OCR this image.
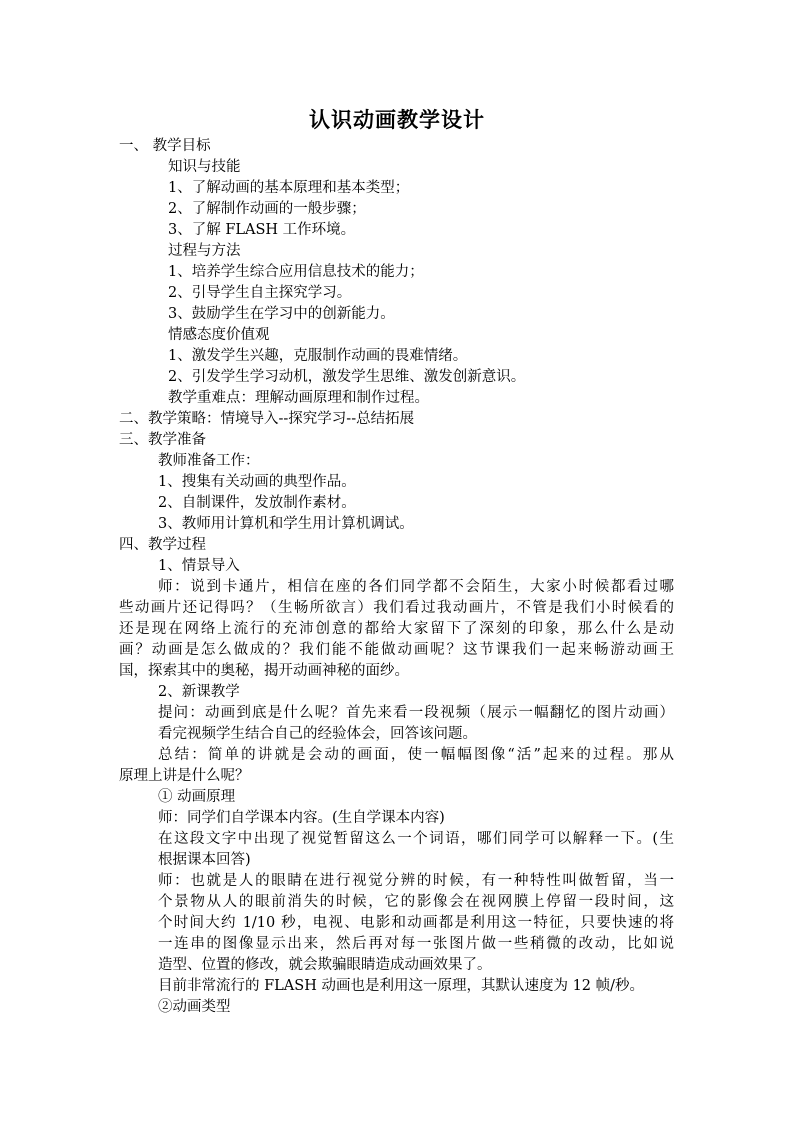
认识动画教学设计
一、 教学目标
知识与技能
1、了解动画的基本原理和基本类型；
2、了解制作动画的一般步骤；
3、了解 FLASH 工作环境。
过程与方法
1、培养学生综合应用信息技术的能力；
2、引导学生自主探究学习。
3、鼓励学生在学习中的创新能力。
情感态度价值观
1、激发学生兴趣，克服制作动画的畏难情绪。
2、引发学生学习动机，激发学生思维、激发创新意识。
教学重难点：理解动画原理和制作过程。
二、教学策略：情境导入--探究学习--总结拓展
三、教学准备
教师准备工作：
1、搜集有关动画的典型作品。
2、自制课件，发放制作素材。
3、教师用计算机和学生用计算机调试。
四、教学过程
1、情景导入
师：说到卡通片，相信在座的各们同学都不会陌生，大家小时候都看过哪
些动画片还记得吗？（生畅所欲言）我们看过我动画片，不管是我们小时候看的
还是现在网络上流行的充沛创意的都给大家留下了深刻的印象，那么什么是动
画？动画是怎么做成的？我们能不能做动画呢？这节课我们一起来畅游动画王
国，探索其中的奥秘，揭开动画神秘的面纱。
2、新课教学
提问：动画到底是什么呢？首先来看一段视频（展示一幅翻忆的图片动画）
看完视频学生结合自己的经验体会，回答该问题。
总结：简单的讲就是会动的画面，使一幅幅图像“活”起来的过程。那从
原理上讲是什么呢？
① 动画原理
师：同学们自学课本内容。(生自学课本内容)
在这段文字中出现了视觉暂留这么一个词语，哪们同学可以解释一下。(生
根据课本回答)
师：也就是人的眼睛在进行视觉分辨的时候，有一种特性叫做暂留，当一
个景物从人的眼前消失的时候，它的影像会在视网膜上停留一段时间，这
个时间大约 1/10 秒，电视、电影和动画都是利用这一特征，只要快速的将
一连串的图像显示出来，然后再对每一张图片做一些稍微的改动，比如说
造型、位置的修改，就会欺骗眼睛造成动画效果了。
目前非常流行的 FLASH 动画也是利用这一原理，其默认速度为 12 帧/秒。
②动画类型
